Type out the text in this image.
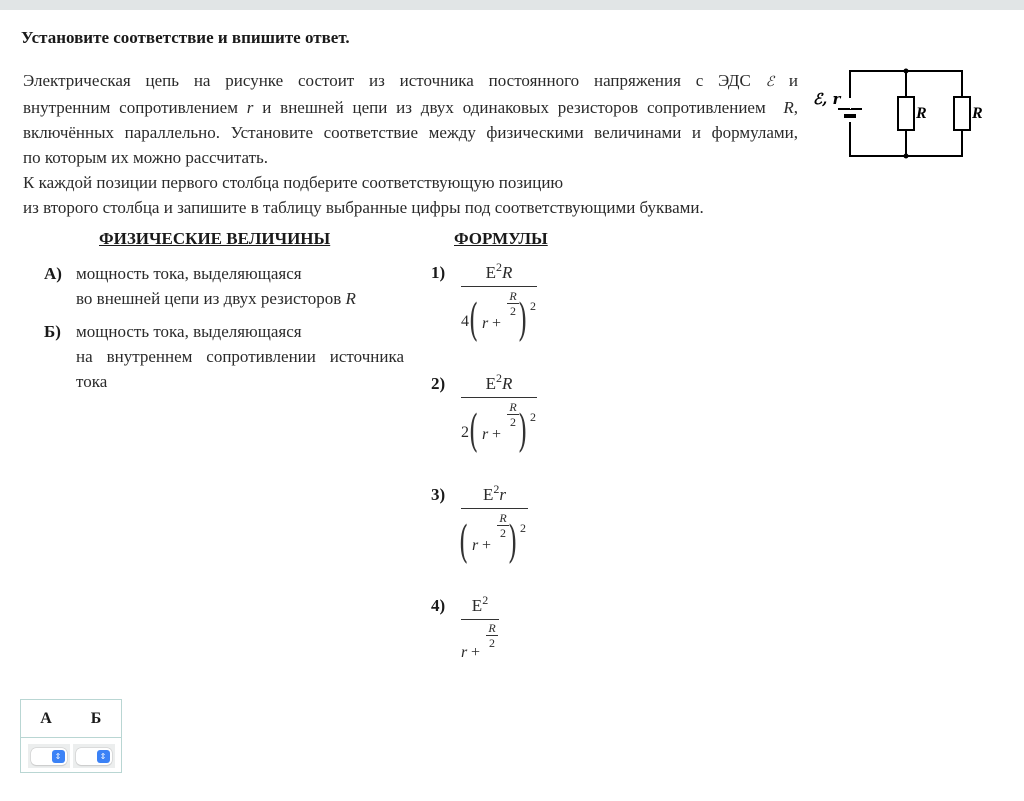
Установите соответствие и впишите ответ.
Электрическая цепь на рисунке состоит из источника постоянного напряжения с ЭДС ℰ и
внутренним сопротивлением r и внешней цепи из двух одинаковых резисторов сопротивлением R,
включённых параллельно. Установите соответствие между физическими величинами и формулами,
по которым их можно рассчитать.
К каждой позиции первого столбца подберите соответствующую позицию
из второго столбца и запишите в таблицу выбранные цифры под соответствующими буквами.
ℰ, r
R	R
ФИЗИЧЕСКИЕ ВЕЛИЧИНЫ	ФОРМУЛЫ
А) мощность тока, выделяющаяся
во внешней цепи из двух резисторов R
Б) мощность тока, выделяющаяся
на внутреннем сопротивлении источника
тока
1)	$E^2R$
4 ( r +
R
2 ) 2
2)	$E^2R$
2 ( r +
R
2 ) 2
3)	$E^2r$
( r +
R
2 ) 2
4)	$E^2$
r +
R
2
А	Б
⇕	⇕
